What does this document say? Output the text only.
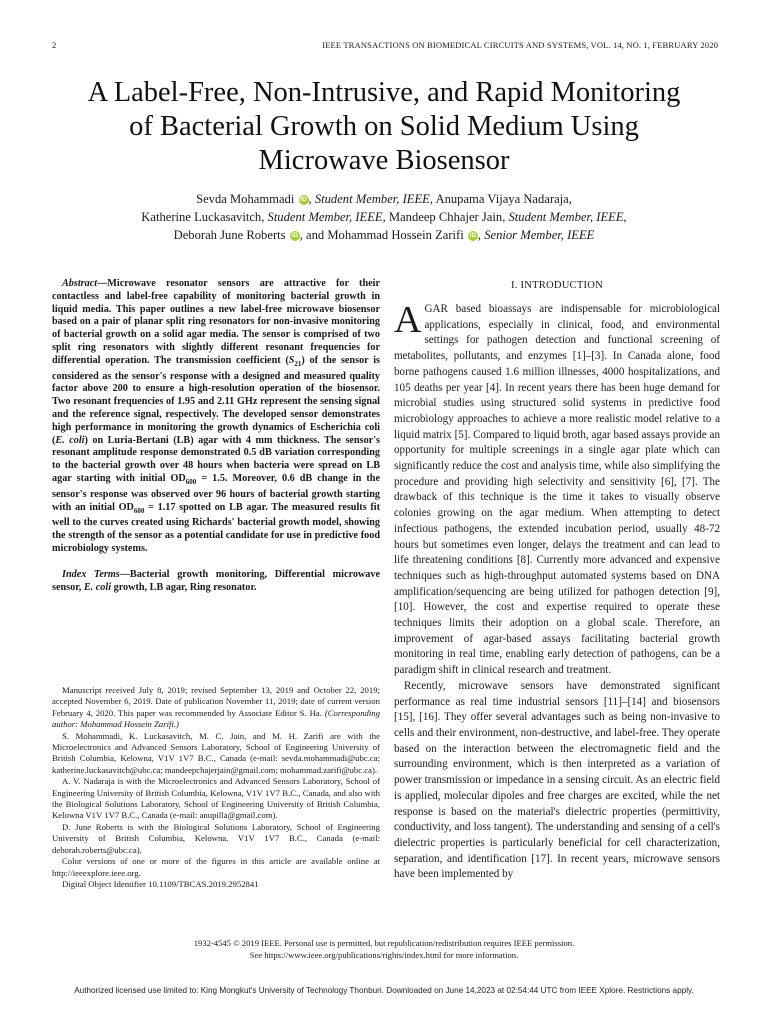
2	IEEE TRANSACTIONS ON BIOMEDICAL CIRCUITS AND SYSTEMS, VOL. 14, NO. 1, FEBRUARY 2020
A Label-Free, Non-Intrusive, and Rapid Monitoring
of Bacterial Growth on Solid Medium Using
Microwave Biosensor
Sevda Mohammadi iD , Student Member, IEEE, Anupama Vijaya Nadaraja,
Katherine Luckasavitch, Student Member, IEEE, Mandeep Chhajer Jain, Student Member, IEEE,
Deborah June Roberts iD , and Mohammad Hossein Zarifi iD , Senior Member, IEEE

Abstract—Microwave resonator sensors are attractive for their contactless and label-free capability of monitoring bacterial growth in liquid media. This paper outlines a new label-free microwave biosensor based on a pair of planar split ring resonators for non-invasive monitoring of bacterial growth on a solid agar media. The sensor is comprised of two split ring resonators with slightly different resonant frequencies for differential operation. The transmission coefficient $(S_{21})$ of the sensor is considered as the sensor's response with a designed and measured quality factor above 200 to ensure a high-resolution operation of the biosensor. Two resonant frequencies of 1.95 and 2.11 GHz represent the sensing signal and the reference signal, respectively. The developed sensor demonstrates high performance in monitoring the growth dynamics of Escherichia coli (E. coli) on Luria-Bertani (LB) agar with 4 mm thickness. The sensor's resonant amplitude response demonstrated 0.5 dB variation corresponding to the bacterial growth over 48 hours when bacteria were spread on LB agar starting with initial $OD_{600} = 1.5$. Moreover, 0.6 dB change in the sensor's response was observed over 96 hours of bacterial growth starting with an initial $OD_{600} = 1.17$ spotted on LB agar. The measured results fit well to the curves created using Richards' bacterial growth model, showing the strength of the sensor as a potential candidate for use in predictive food microbiology systems.

Index Terms—Bacterial growth monitoring, Differential microwave sensor, E. coli growth, LB agar, Ring resonator.

Manuscript received July 8, 2019; revised September 13, 2019 and October 22, 2019; accepted November 6, 2019. Date of publication November 11, 2019; date of current version February 4, 2020. This paper was recommended by Associate Editor S. Ha. (Corresponding author: Mohammad Hossein Zarifi.)

S. Mohammadi, K. Luckasavitch, M. C. Jain, and M. H. Zarifi are with the Microelectronics and Advanced Sensors Laboratory, School of Engineering University of British Columbia, Kelowna, V1V 1V7 B.C., Canada (e-mail: sevda.mohammadi@ubc.ca; katherine.luckasavitch@ubc.ca; mandeepchajerjain@gmail.com; mohammad.zarifi@ubc.ca).

A. V. Nadaraja is with the Microelectronics and Advanced Sensors Laboratory, School of Engineering University of British Columbia, Kelowna, V1V 1V7 B.C., Canada, and also with the Biological Solutions Laboratory, School of Engineering University of British Columbia, Kelowna V1V 1V7 B.C., Canada (e-mail: anupilla@gmail.com).

D. June Roberts is with the Biological Solutions Laboratory, School of Engineering University of British Columbia, Kelowna, V1V 1V7 B.C., Canada (e-mail: deborah.roberts@ubc.ca).

Color versions of one or more of the figures in this article are available online at http://ieeexplore.ieee.org.

Digital Object Identifier 10.1109/TBCAS.2019.2952841

I. INTRODUCTION

AGAR based bioassays are indispensable for microbiological applications, especially in clinical, food, and environmental settings for pathogen detection and functional screening of metabolites, pollutants, and enzymes [1]–[3]. In Canada alone, food borne pathogens caused 1.6 million illnesses, 4000 hospitalizations, and 105 deaths per year [4]. In recent years there has been huge demand for microbial studies using structured solid systems in predictive food microbiology approaches to achieve a more realistic model relative to a liquid matrix [5]. Compared to liquid broth, agar based assays provide an opportunity for multiple screenings in a single agar plate which can significantly reduce the cost and analysis time, while also simplifying the procedure and providing high selectivity and sensitivity [6], [7]. The drawback of this technique is the time it takes to visually observe colonies growing on the agar medium. When attempting to detect infectious pathogens, the extended incubation period, usually 48-72 hours but sometimes even longer, delays the treatment and can lead to life threatening conditions [8]. Currently more advanced and expensive techniques such as high-throughput automated systems based on DNA amplification/sequencing are being utilized for pathogen detection [9], [10]. However, the cost and expertise required to operate these techniques limits their adoption on a global scale. Therefore, an improvement of agar-based assays facilitating bacterial growth monitoring in real time, enabling early detection of pathogens, can be a paradigm shift in clinical research and treatment.

Recently, microwave sensors have demonstrated significant performance as real time industrial sensors [11]–[14] and biosensors [15], [16]. They offer several advantages such as being non-invasive to cells and their environment, non-destructive, and label-free. They operate based on the interaction between the electromagnetic field and the surrounding environment, which is then interpreted as a variation of power transmission or impedance in a sensing circuit. As an electric field is applied, molecular dipoles and free charges are excited, while the net response is based on the material's dielectric properties (permittivity, conductivity, and loss tangent). The understanding and sensing of a cell's dielectric properties is particularly beneficial for cell characterization, separation, and identification [17]. In recent years, microwave sensors have been implemented by

1932-4545 © 2019 IEEE. Personal use is permitted, but republication/redistribution requires IEEE permission.
See https://www.ieee.org/publications/rights/index.html for more information.
Authorized licensed use limited to: King Mongkut's University of Technology Thonburi. Downloaded on June 14,2023 at 02:54:44 UTC from IEEE Xplore. Restrictions apply.
